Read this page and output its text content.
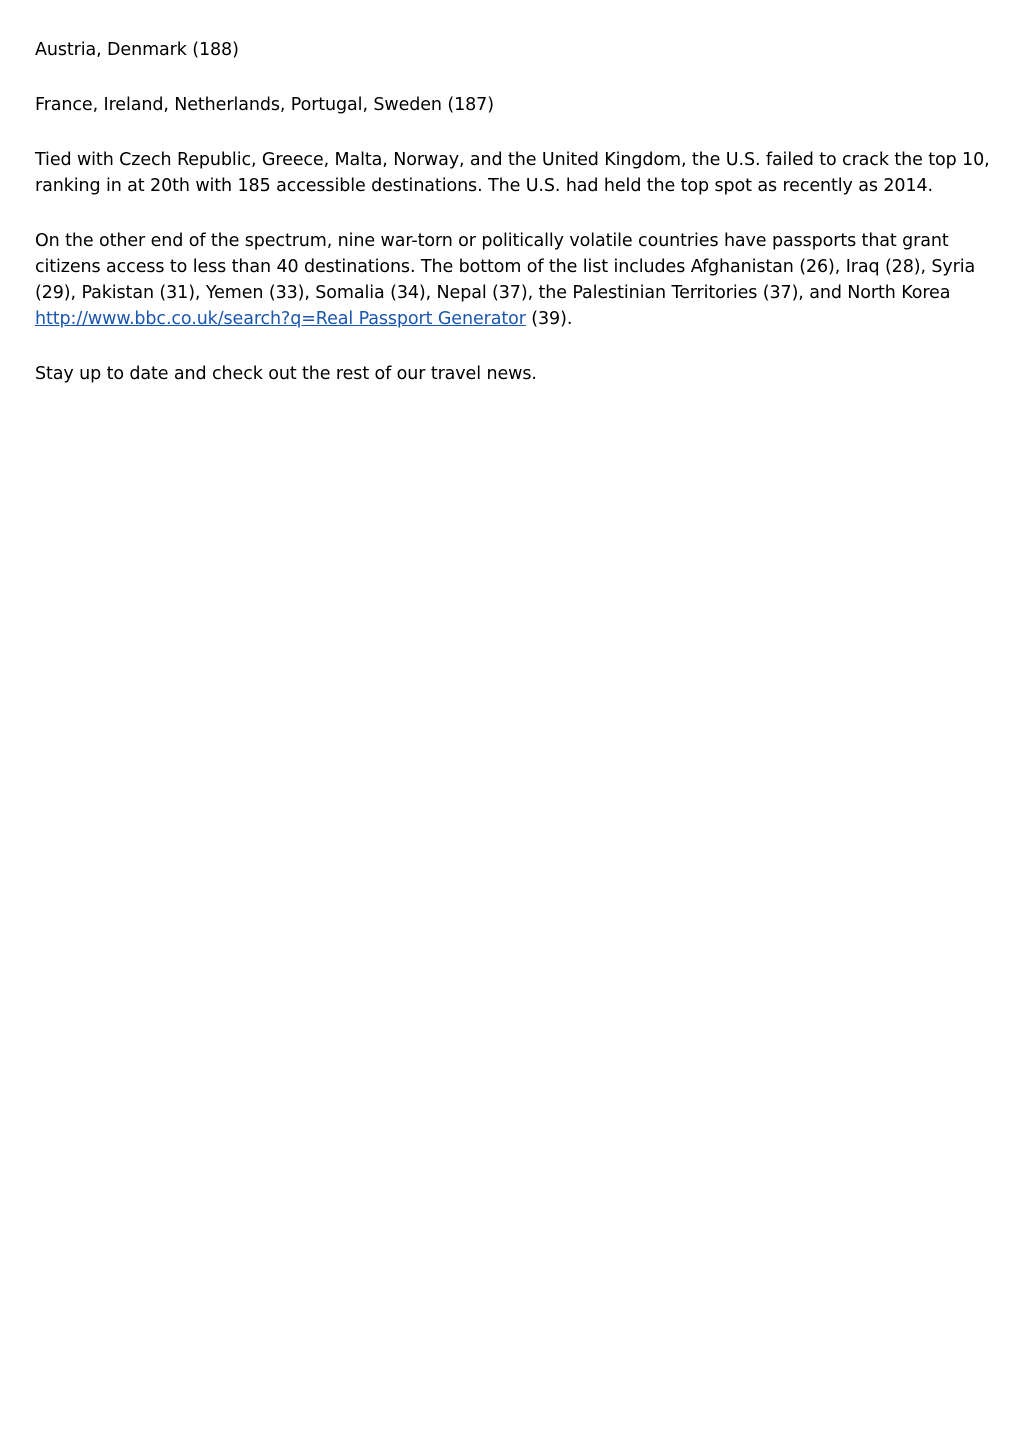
Austria, Denmark (188)

France, Ireland, Netherlands, Portugal, Sweden (187)

Tied with Czech Republic, Greece, Malta, Norway, and the United Kingdom, the U.S. failed to crack the top 10, ranking in at 20th with 185 accessible destinations. The U.S. had held the top spot as recently as 2014.

On the other end of the spectrum, nine war-torn or politically volatile countries have passports that grant citizens access to less than 40 destinations. The bottom of the list includes Afghanistan (26), Iraq (28), Syria (29), Pakistan (31), Yemen (33), Somalia (34), Nepal (37), the Palestinian Territories (37), and North Korea
http://www.bbc.co.uk/search?q=Real Passport Generator (39).

Stay up to date and check out the rest of our travel news.
